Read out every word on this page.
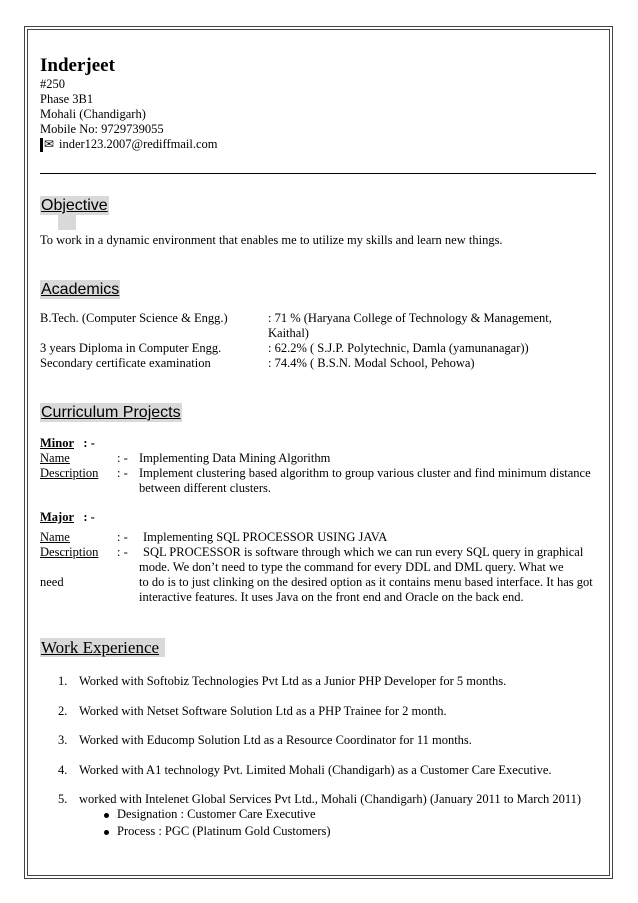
Inderjeet
#250
Phase 3B1
Mohali (Chandigarh)
Mobile No: 9729739055
✉ inder123.2007@rediffmail.com
Objective
To work in a dynamic environment that enables me to utilize my skills and learn new things.
Academics
B.Tech. (Computer Science & Engg.)	: 71 % (Haryana College of Technology & Management,
Kaithal)
3 years Diploma in Computer Engg.	: 62.2% ( S.J.P. Polytechnic, Damla (yamunanagar))
Secondary certificate examination	: 74.4% ( B.S.N. Modal School, Pehowa)
Curriculum Projects
Minor : -
Name	: - Implementing Data Mining Algorithm
Description : - Implement clustering based algorithm to group various cluster and find minimum distance
between different clusters.
Major : -
Name	: - Implementing SQL PROCESSOR USING JAVA
Description : - SQL PROCESSOR is software through which we can run every SQL query in graphical
mode. We don’t need to type the command for every DDL and DML query. What we
need	to do is to just clinking on the desired option as it contains menu based interface. It has got
interactive features. It uses Java on the front end and Oracle on the back end.
Work Experience
1. Worked with Softobiz Technologies Pvt Ltd as a Junior PHP Developer for 5 months.
2. Worked with Netset Software Solution Ltd as a PHP Trainee for 2 month.
3. Worked with Educomp Solution Ltd as a Resource Coordinator for 11 months.
4. Worked with A1 technology Pvt. Limited Mohali (Chandigarh) as a Customer Care Executive.
5. worked with Intelenet Global Services Pvt Ltd., Mohali (Chandigarh) (January 2011 to March 2011)
Designation : Customer Care Executive
Process : PGC (Platinum Gold Customers)
